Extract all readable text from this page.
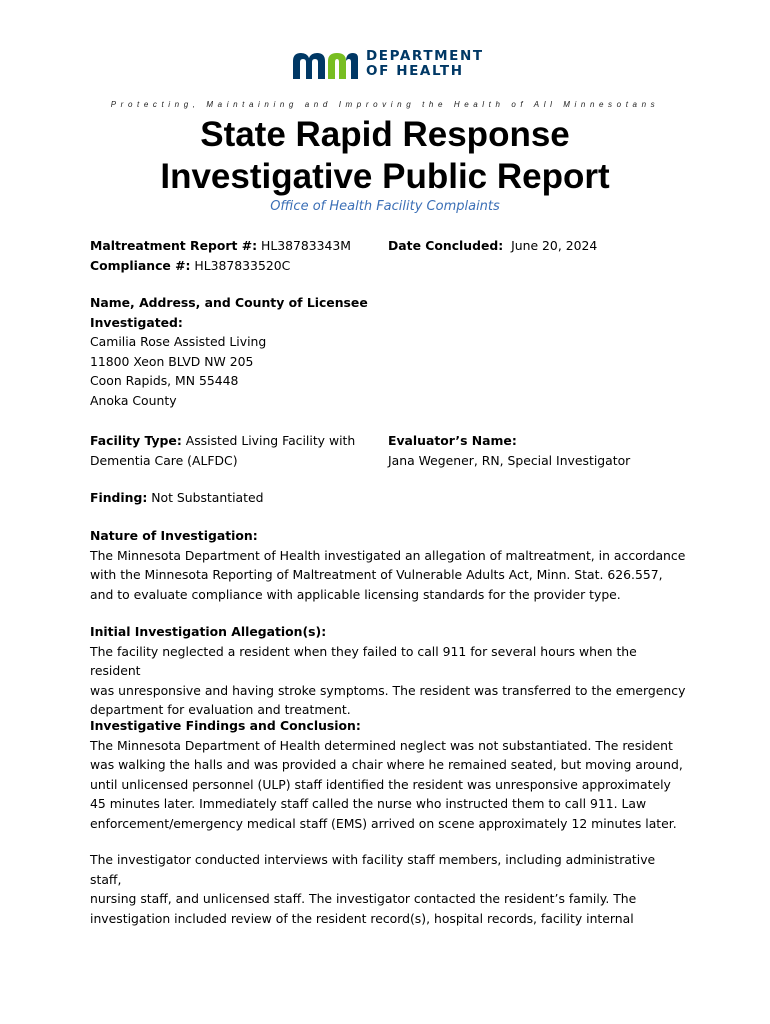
DEPARTMENT
OF HEALTH
Protecting, Maintaining and Improving the Health of All Minnesotans
State Rapid Response
Investigative Public Report
Office of Health Facility Complaints
Maltreatment Report #: HL38783343M
Compliance #: HL387833520C
Date Concluded: June 20, 2024
Name, Address, and County of Licensee
Investigated:
Camilia Rose Assisted Living
11800 Xeon BLVD NW 205
Coon Rapids, MN 55448
Anoka County
Facility Type: Assisted Living Facility with
Dementia Care (ALFDC)
Evaluator’s Name:
Jana Wegener, RN, Special Investigator
Finding: Not Substantiated
Nature of Investigation:
The Minnesota Department of Health investigated an allegation of maltreatment, in accordance
with the Minnesota Reporting of Maltreatment of Vulnerable Adults Act, Minn. Stat. 626.557,
and to evaluate compliance with applicable licensing standards for the provider type.
Initial Investigation Allegation(s):
The facility neglected a resident when they failed to call 911 for several hours when the resident
was unresponsive and having stroke symptoms. The resident was transferred to the emergency
department for evaluation and treatment.
Investigative Findings and Conclusion:
The Minnesota Department of Health determined neglect was not substantiated. The resident
was walking the halls and was provided a chair where he remained seated, but moving around,
until unlicensed personnel (ULP) staff identified the resident was unresponsive approximately
45 minutes later. Immediately staff called the nurse who instructed them to call 911. Law
enforcement/emergency medical staff (EMS) arrived on scene approximately 12 minutes later.
The investigator conducted interviews with facility staff members, including administrative staff,
nursing staff, and unlicensed staff. The investigator contacted the resident’s family. The
investigation included review of the resident record(s), hospital records, facility internal
